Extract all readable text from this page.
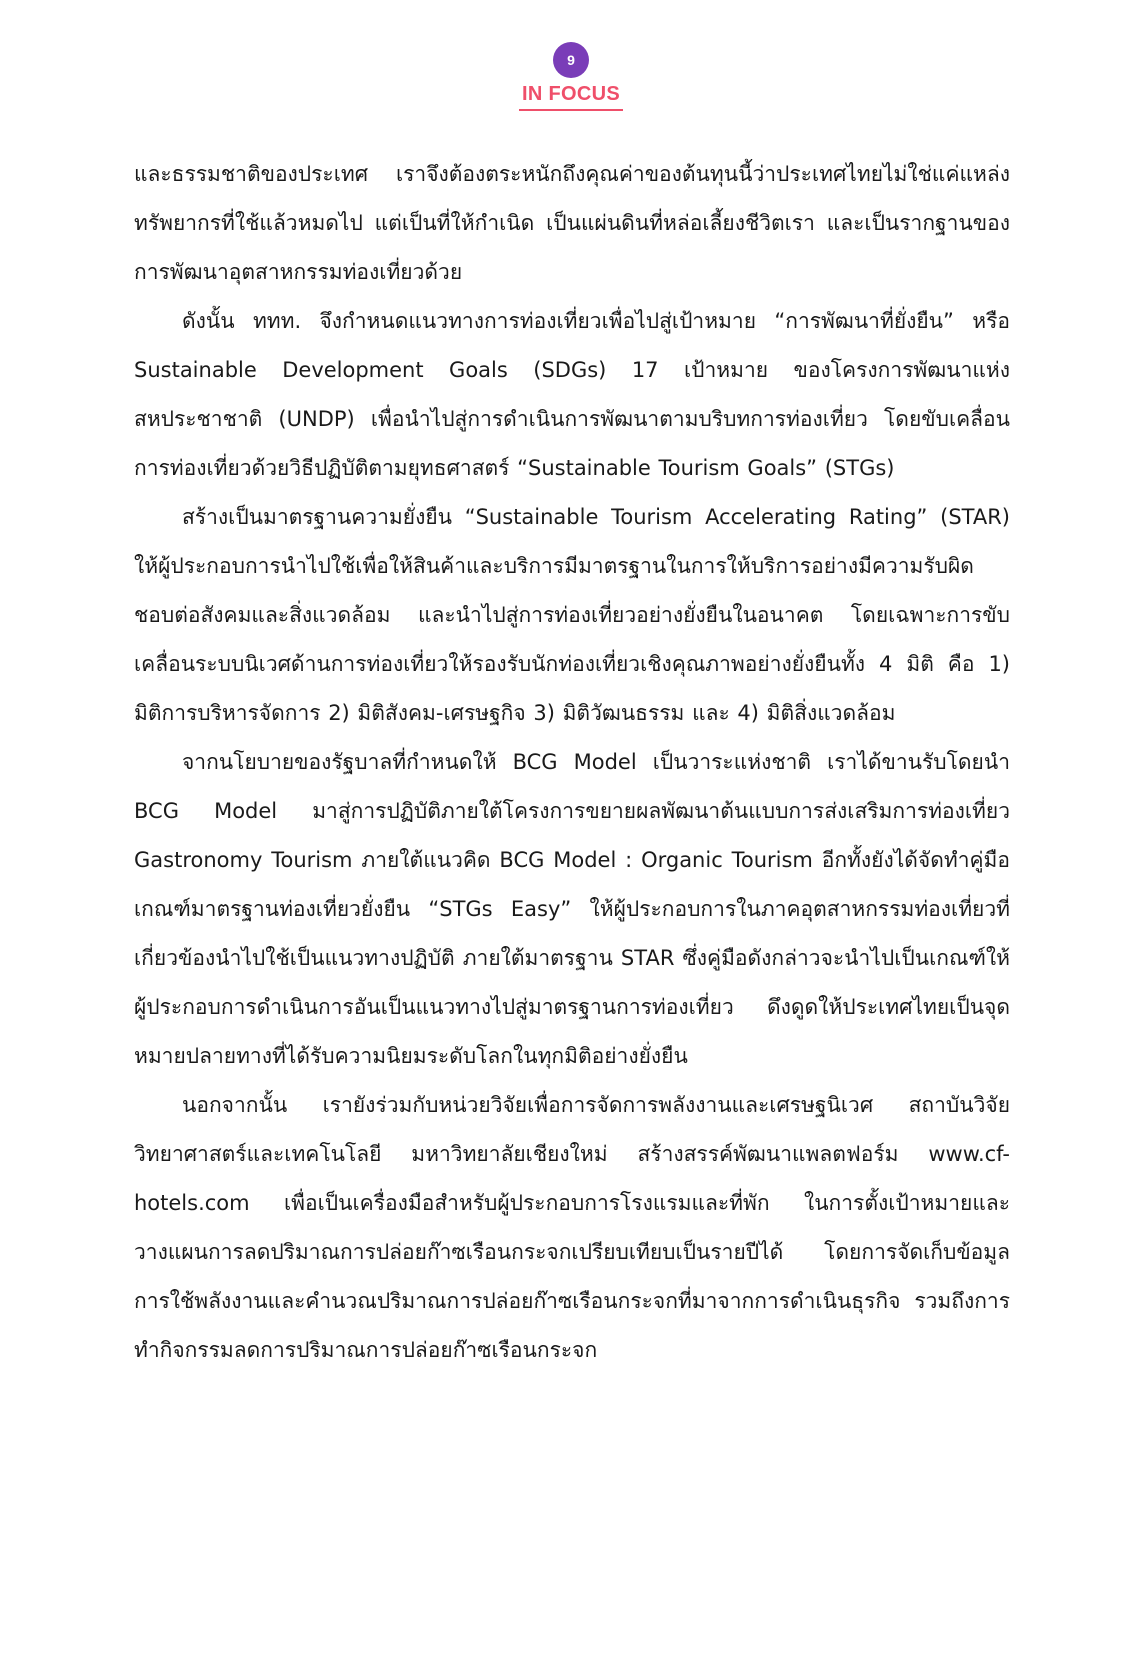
9
IN FOCUS

และธรรมชาติของประเทศ เราจึงต้องตระหนักถึงคุณค่าของต้นทุนนี้ว่าประเทศไทยไม่ใช่แค่แหล่งทรัพยากรที่ใช้แล้วหมดไป แต่เป็นที่ให้กำเนิด เป็นแผ่นดินที่หล่อเลี้ยงชีวิตเรา และเป็นรากฐานของการพัฒนาอุตสาหกรรมท่องเที่ยวด้วย

ดังนั้น ททท. จึงกำหนดแนวทางการท่องเที่ยวเพื่อไปสู่เป้าหมาย “การพัฒนาที่ยั่งยืน” หรือ Sustainable Development Goals (SDGs) 17 เป้าหมาย ของโครงการพัฒนาแห่งสหประชาชาติ (UNDP) เพื่อนำไปสู่การดำเนินการพัฒนาตามบริบทการท่องเที่ยว โดยขับเคลื่อนการท่องเที่ยวด้วยวิธีปฏิบัติตามยุทธศาสตร์ “Sustainable Tourism Goals” (STGs)

สร้างเป็นมาตรฐานความยั่งยืน “Sustainable Tourism Accelerating Rating” (STAR) ให้ผู้ประกอบการนำไปใช้เพื่อให้สินค้าและบริการมีมาตรฐานในการให้บริการอย่างมีความรับผิดชอบต่อสังคมและสิ่งแวดล้อม และนำไปสู่การท่องเที่ยวอย่างยั่งยืนในอนาคต โดยเฉพาะการขับเคลื่อนระบบนิเวศด้านการท่องเที่ยวให้รองรับนักท่องเที่ยวเชิงคุณภาพอย่างยั่งยืนทั้ง 4 มิติ คือ 1) มิติการบริหารจัดการ 2) มิติสังคม-เศรษฐกิจ 3) มิติวัฒนธรรม และ 4) มิติสิ่งแวดล้อม

จากนโยบายของรัฐบาลที่กำหนดให้ BCG Model เป็นวาระแห่งชาติ เราได้ขานรับโดยนำ BCG Model มาสู่การปฏิบัติภายใต้โครงการขยายผลพัฒนาต้นแบบการส่งเสริมการท่องเที่ยว Gastronomy Tourism ภายใต้แนวคิด BCG Model : Organic Tourism อีกทั้งยังได้จัดทำคู่มือเกณฑ์มาตรฐานท่องเที่ยวยั่งยืน “STGs Easy” ให้ผู้ประกอบการในภาคอุตสาหกรรมท่องเที่ยวที่เกี่ยวข้องนำไปใช้เป็นแนวทางปฏิบัติ ภายใต้มาตรฐาน STAR ซึ่งคู่มือดังกล่าวจะนำไปเป็นเกณฑ์ให้ผู้ประกอบการดำเนินการอันเป็นแนวทางไปสู่มาตรฐานการท่องเที่ยว ดึงดูดให้ประเทศไทยเป็นจุดหมายปลายทางที่ได้รับความนิยมระดับโลกในทุกมิติอย่างยั่งยืน

นอกจากนั้น เรายังร่วมกับหน่วยวิจัยเพื่อการจัดการพลังงานและเศรษฐนิเวศ สถาบันวิจัยวิทยาศาสตร์และเทคโนโลยี มหาวิทยาลัยเชียงใหม่ สร้างสรรค์พัฒนาแพลตฟอร์ม www.cf-hotels.com เพื่อเป็นเครื่องมือสำหรับผู้ประกอบการโรงแรมและที่พัก ในการตั้งเป้าหมายและวางแผนการลดปริมาณการปล่อยก๊าซเรือนกระจกเปรียบเทียบเป็นรายปีได้ โดยการจัดเก็บข้อมูลการใช้พลังงานและคำนวณปริมาณการปล่อยก๊าซเรือนกระจกที่มาจากการดำเนินธุรกิจ รวมถึงการทำกิจกรรมลดการปริมาณการปล่อยก๊าซเรือนกระจก
